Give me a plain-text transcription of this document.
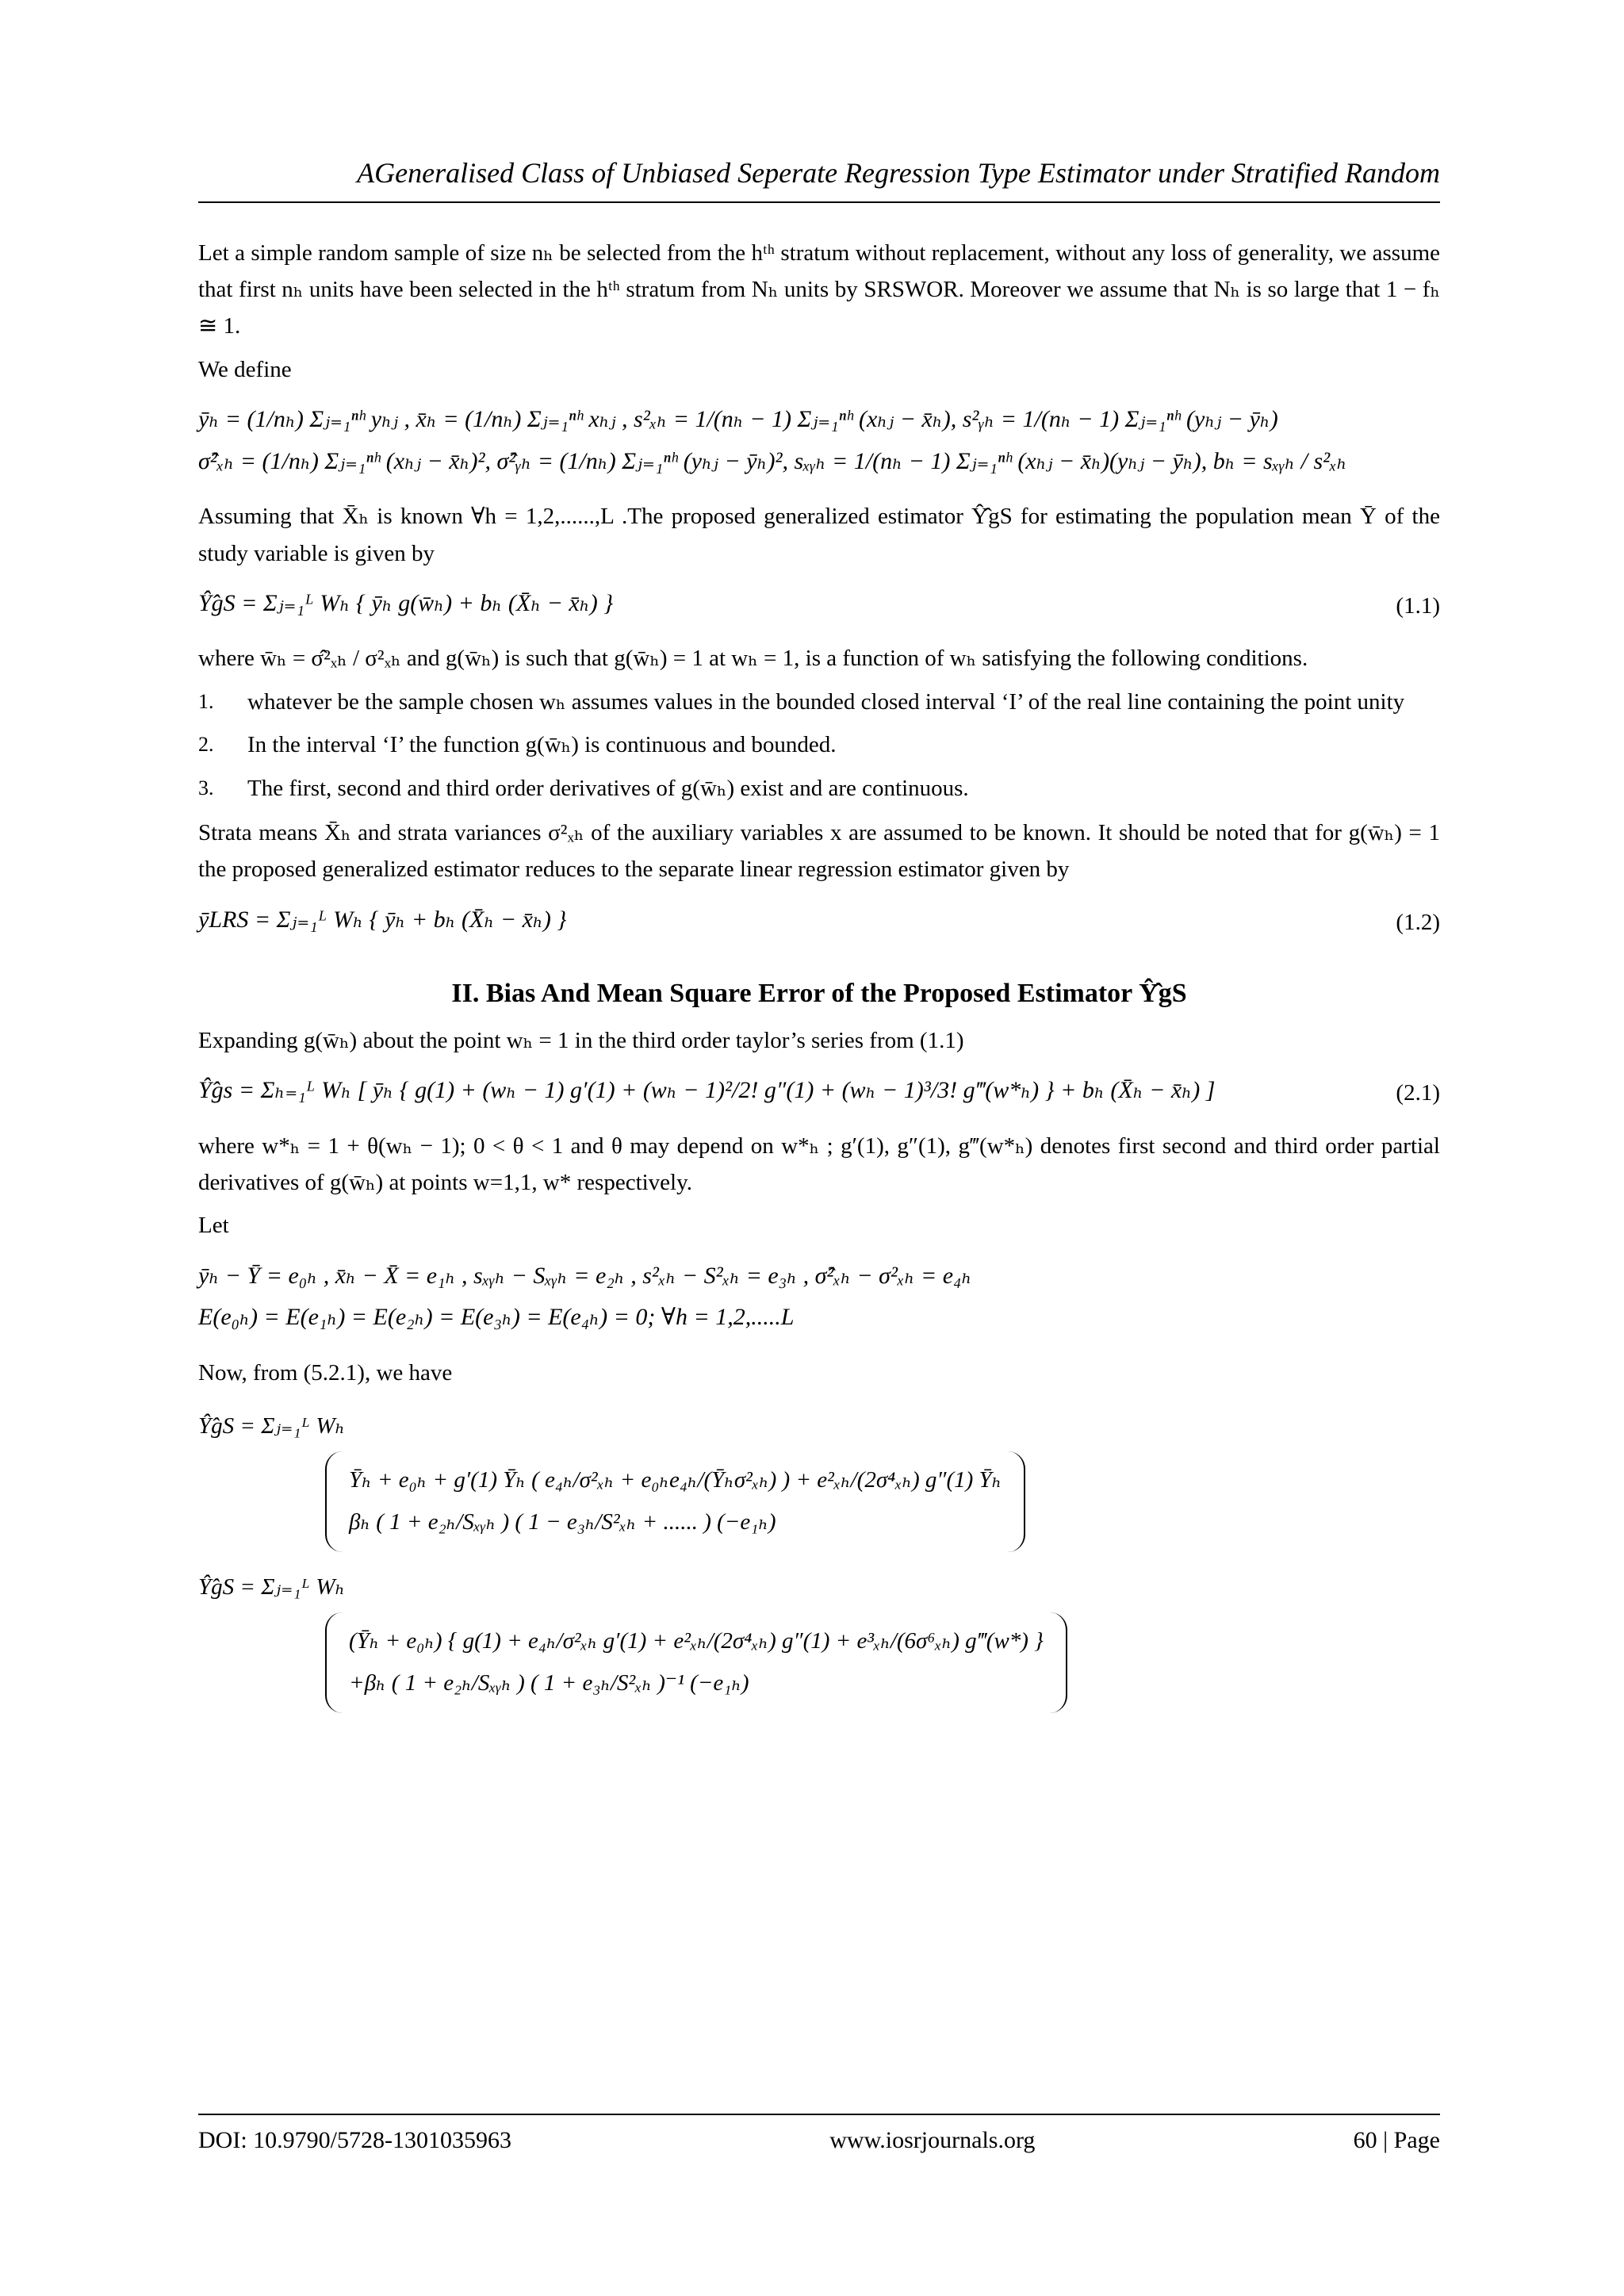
AGeneralised Class of Unbiased Seperate Regression Type Estimator under Stratified Random

Let a simple random sample of size nₕ be selected from the hᵗʰ stratum without replacement, without any loss of generality, we assume that first nₕ units have been selected in the hᵗʰ stratum from Nₕ units by SRSWOR. Moreover we assume that Nₕ is so large that 1 − fₕ ≅ 1.

We define

ȳₕ = (1/nₕ) Σⱼ₌₁ⁿʰ yₕⱼ , x̄ₕ = (1/nₕ) Σⱼ₌₁ⁿʰ xₕⱼ , s²ₓₕ = 1/(nₕ − 1) Σⱼ₌₁ⁿʰ (xₕⱼ − x̄ₕ), s²ᵧₕ = 1/(nₕ − 1) Σⱼ₌₁ⁿʰ (yₕⱼ − ȳₕ)
σ̂²ₓₕ = (1/nₕ) Σⱼ₌₁ⁿʰ (xₕⱼ − x̄ₕ)², σ̂²ᵧₕ = (1/nₕ) Σⱼ₌₁ⁿʰ (yₕⱼ − ȳₕ)², sₓᵧₕ = 1/(nₕ − 1) Σⱼ₌₁ⁿʰ (xₕⱼ − x̄ₕ)(yₕⱼ − ȳₕ), bₕ = sₓᵧₕ / s²ₓₕ

Assuming that X̄ₕ is known ∀h = 1,2,......,L .The proposed generalized estimator Ŷ̂gS for estimating the population mean Ȳ of the study variable is given by

Ŷ̂gS = Σⱼ₌₁ᴸ Wₕ { ȳₕ g(w̄ₕ) + bₕ (X̄ₕ − x̄ₕ) }	(1.1)

where w̄ₕ = σ̂²ₓₕ / σ²ₓₕ and g(w̄ₕ) is such that g(w̄ₕ) = 1 at wₕ = 1, is a function of wₕ satisfying the following conditions.

1.	whatever be the sample chosen wₕ assumes values in the bounded closed interval ‘I’ of the real line containing the point unity
2.	In the interval ‘I’ the function g(w̄ₕ) is continuous and bounded.
3.	The first, second and third order derivatives of g(w̄ₕ) exist and are continuous.

Strata means X̄ₕ and strata variances σ²ₓₕ of the auxiliary variables x are assumed to be known. It should be noted that for g(w̄ₕ) = 1 the proposed generalized estimator reduces to the separate linear regression estimator given by

ȳLRS = Σⱼ₌₁ᴸ Wₕ { ȳₕ + bₕ (X̄ₕ − x̄ₕ) }	(1.2)
II. Bias And Mean Square Error of the Proposed Estimator Ŷ̂gS

Expanding g(w̄ₕ) about the point wₕ = 1 in the third order taylor’s series from (1.1)

Ŷ̂gs = Σₕ₌₁ᴸ Wₕ [ ȳₕ { g(1) + (wₕ − 1) g′(1) + (wₕ − 1)²/2! g″(1) + (wₕ − 1)³/3! g‴(w*ₕ) } + bₕ (X̄ₕ − x̄ₕ) ]	(2.1)

where w*ₕ = 1 + θ(wₕ − 1); 0 < θ < 1 and θ may depend on w*ₕ ; g′(1), g″(1), g‴(w*ₕ) denotes first second and third order partial derivatives of g(w̄ₕ) at points w=1,1, w* respectively.

Let

ȳₕ − Ȳ = e₀ₕ , x̄ₕ − X̄ = e₁ₕ , sₓᵧₕ − Sₓᵧₕ = e₂ₕ , s²ₓₕ − S²ₓₕ = e₃ₕ , σ̂²ₓₕ − σ²ₓₕ = e₄ₕ
E(e₀ₕ) = E(e₁ₕ) = E(e₂ₕ) = E(e₃ₕ) = E(e₄ₕ) = 0; ∀h = 1,2,.....L

Now, from (5.2.1), we have

Ŷ̂gS = Σⱼ₌₁ᴸ Wₕ
Ȳₕ + e₀ₕ + g′(1) Ȳₕ ( e₄ₕ/σ²ₓₕ + e₀ₕe₄ₕ/(Ȳₕσ²ₓₕ) ) + e²ₓₕ/(2σ⁴ₓₕ) g″(1) Ȳₕ
βₕ ( 1 + e₂ₕ/Sₓᵧₕ ) ( 1 − e₃ₕ/S²ₓₕ + ...... ) (−e₁ₕ)
Ŷ̂gS = Σⱼ₌₁ᴸ Wₕ
(Ȳₕ + e₀ₕ) { g(1) + e₄ₕ/σ²ₓₕ g′(1) + e²ₓₕ/(2σ⁴ₓₕ) g″(1) + e³ₓₕ/(6σ⁶ₓₕ) g‴(w*) }
+βₕ ( 1 + e₂ₕ/Sₓᵧₕ ) ( 1 + e₃ₕ/S²ₓₕ )⁻¹ (−e₁ₕ)
DOI: 10.9790/5728-1301035963	www.iosrjournals.org	60 | Page
